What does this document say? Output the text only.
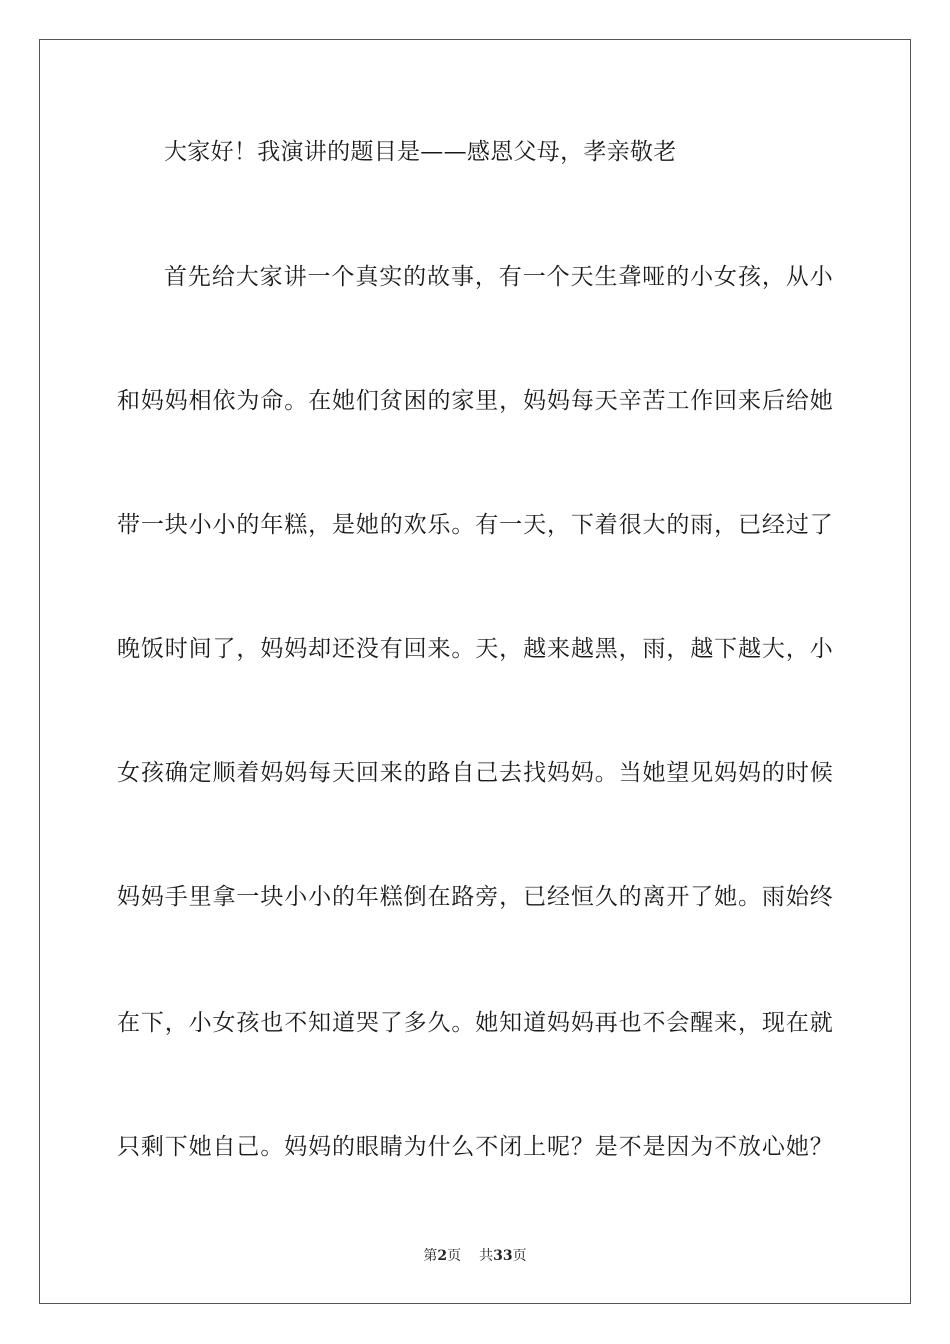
大家好！我演讲的题目是——感恩父母，孝亲敬老
首先给大家讲一个真实的故事，有一个天生聋哑的小女孩，从小
和妈妈相依为命。在她们贫困的家里，妈妈每天辛苦工作回来后给她
带一块小小的年糕，是她的欢乐。有一天，下着很大的雨，已经过了
晚饭时间了，妈妈却还没有回来。天，越来越黑，雨，越下越大，小
女孩确定顺着妈妈每天回来的路自己去找妈妈。当她望见妈妈的时候
妈妈手里拿一块小小的年糕倒在路旁，已经恒久的离开了她。雨始终
在下，小女孩也不知道哭了多久。她知道妈妈再也不会醒来，现在就
只剩下她自己。妈妈的眼睛为什么不闭上呢？是不是因为不放心她？
第2页 共33页
